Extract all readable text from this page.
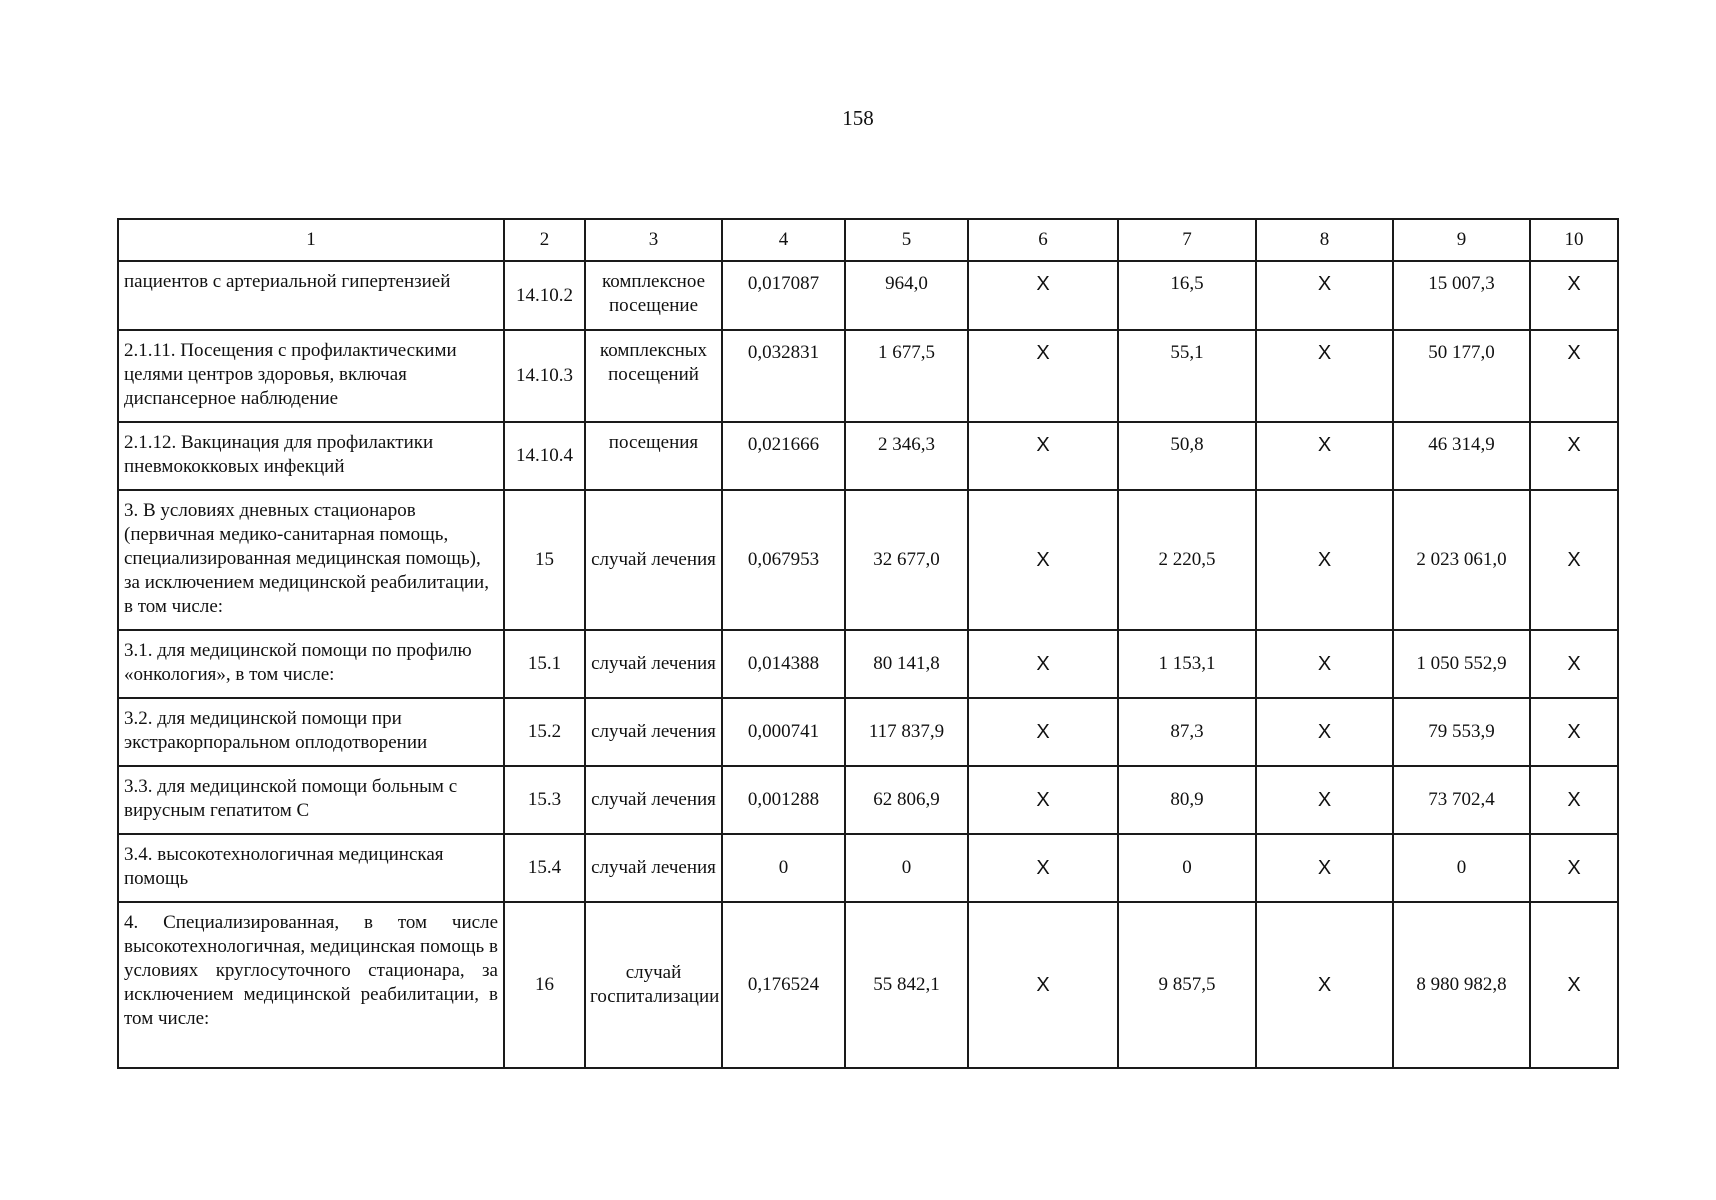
158
1	2	3	4	5	6	7	8	9	10
пациентов с артериальной гипертензией	14.10.2	комплексное посещение	0,017087	964,0	X	16,5	X	15 007,3	X
2.1.11. Посещения с профилактическими целями центров здоровья, включая диспансерное наблюдение	14.10.3	комплексных посещений	0,032831	1 677,5	X	55,1	X	50 177,0	X
2.1.12. Вакцинация для профилактики пневмококковых инфекций	14.10.4	посещения	0,021666	2 346,3	X	50,8	X	46 314,9	X
3. В условиях дневных стационаров (первичная медико-санитарная помощь, специализированная медицинская помощь), за исключением медицинской реабилитации, в том числе:	15	случай лечения	0,067953	32 677,0	X	2 220,5	X	2 023 061,0	X
3.1. для медицинской помощи по профилю «онкология», в том числе:	15.1	случай лечения	0,014388	80 141,8	X	1 153,1	X	1 050 552,9	X
3.2. для медицинской помощи при экстракорпоральном оплодотворении	15.2	случай лечения	0,000741	117 837,9	X	87,3	X	79 553,9	X
3.3. для медицинской помощи больным с вирусным гепатитом С	15.3	случай лечения	0,001288	62 806,9	X	80,9	X	73 702,4	X
3.4. высокотехнологичная медицинская помощь	15.4	случай лечения	0	0	X	0	X	0	X
4. Специализированная, в том числе высокотехнологичная, медицинская помощь в условиях круглосуточного стационара, за исключением медицинской реабилитации, в том числе:	16	случай госпитализации	0,176524	55 842,1	X	9 857,5	X	8 980 982,8	X
